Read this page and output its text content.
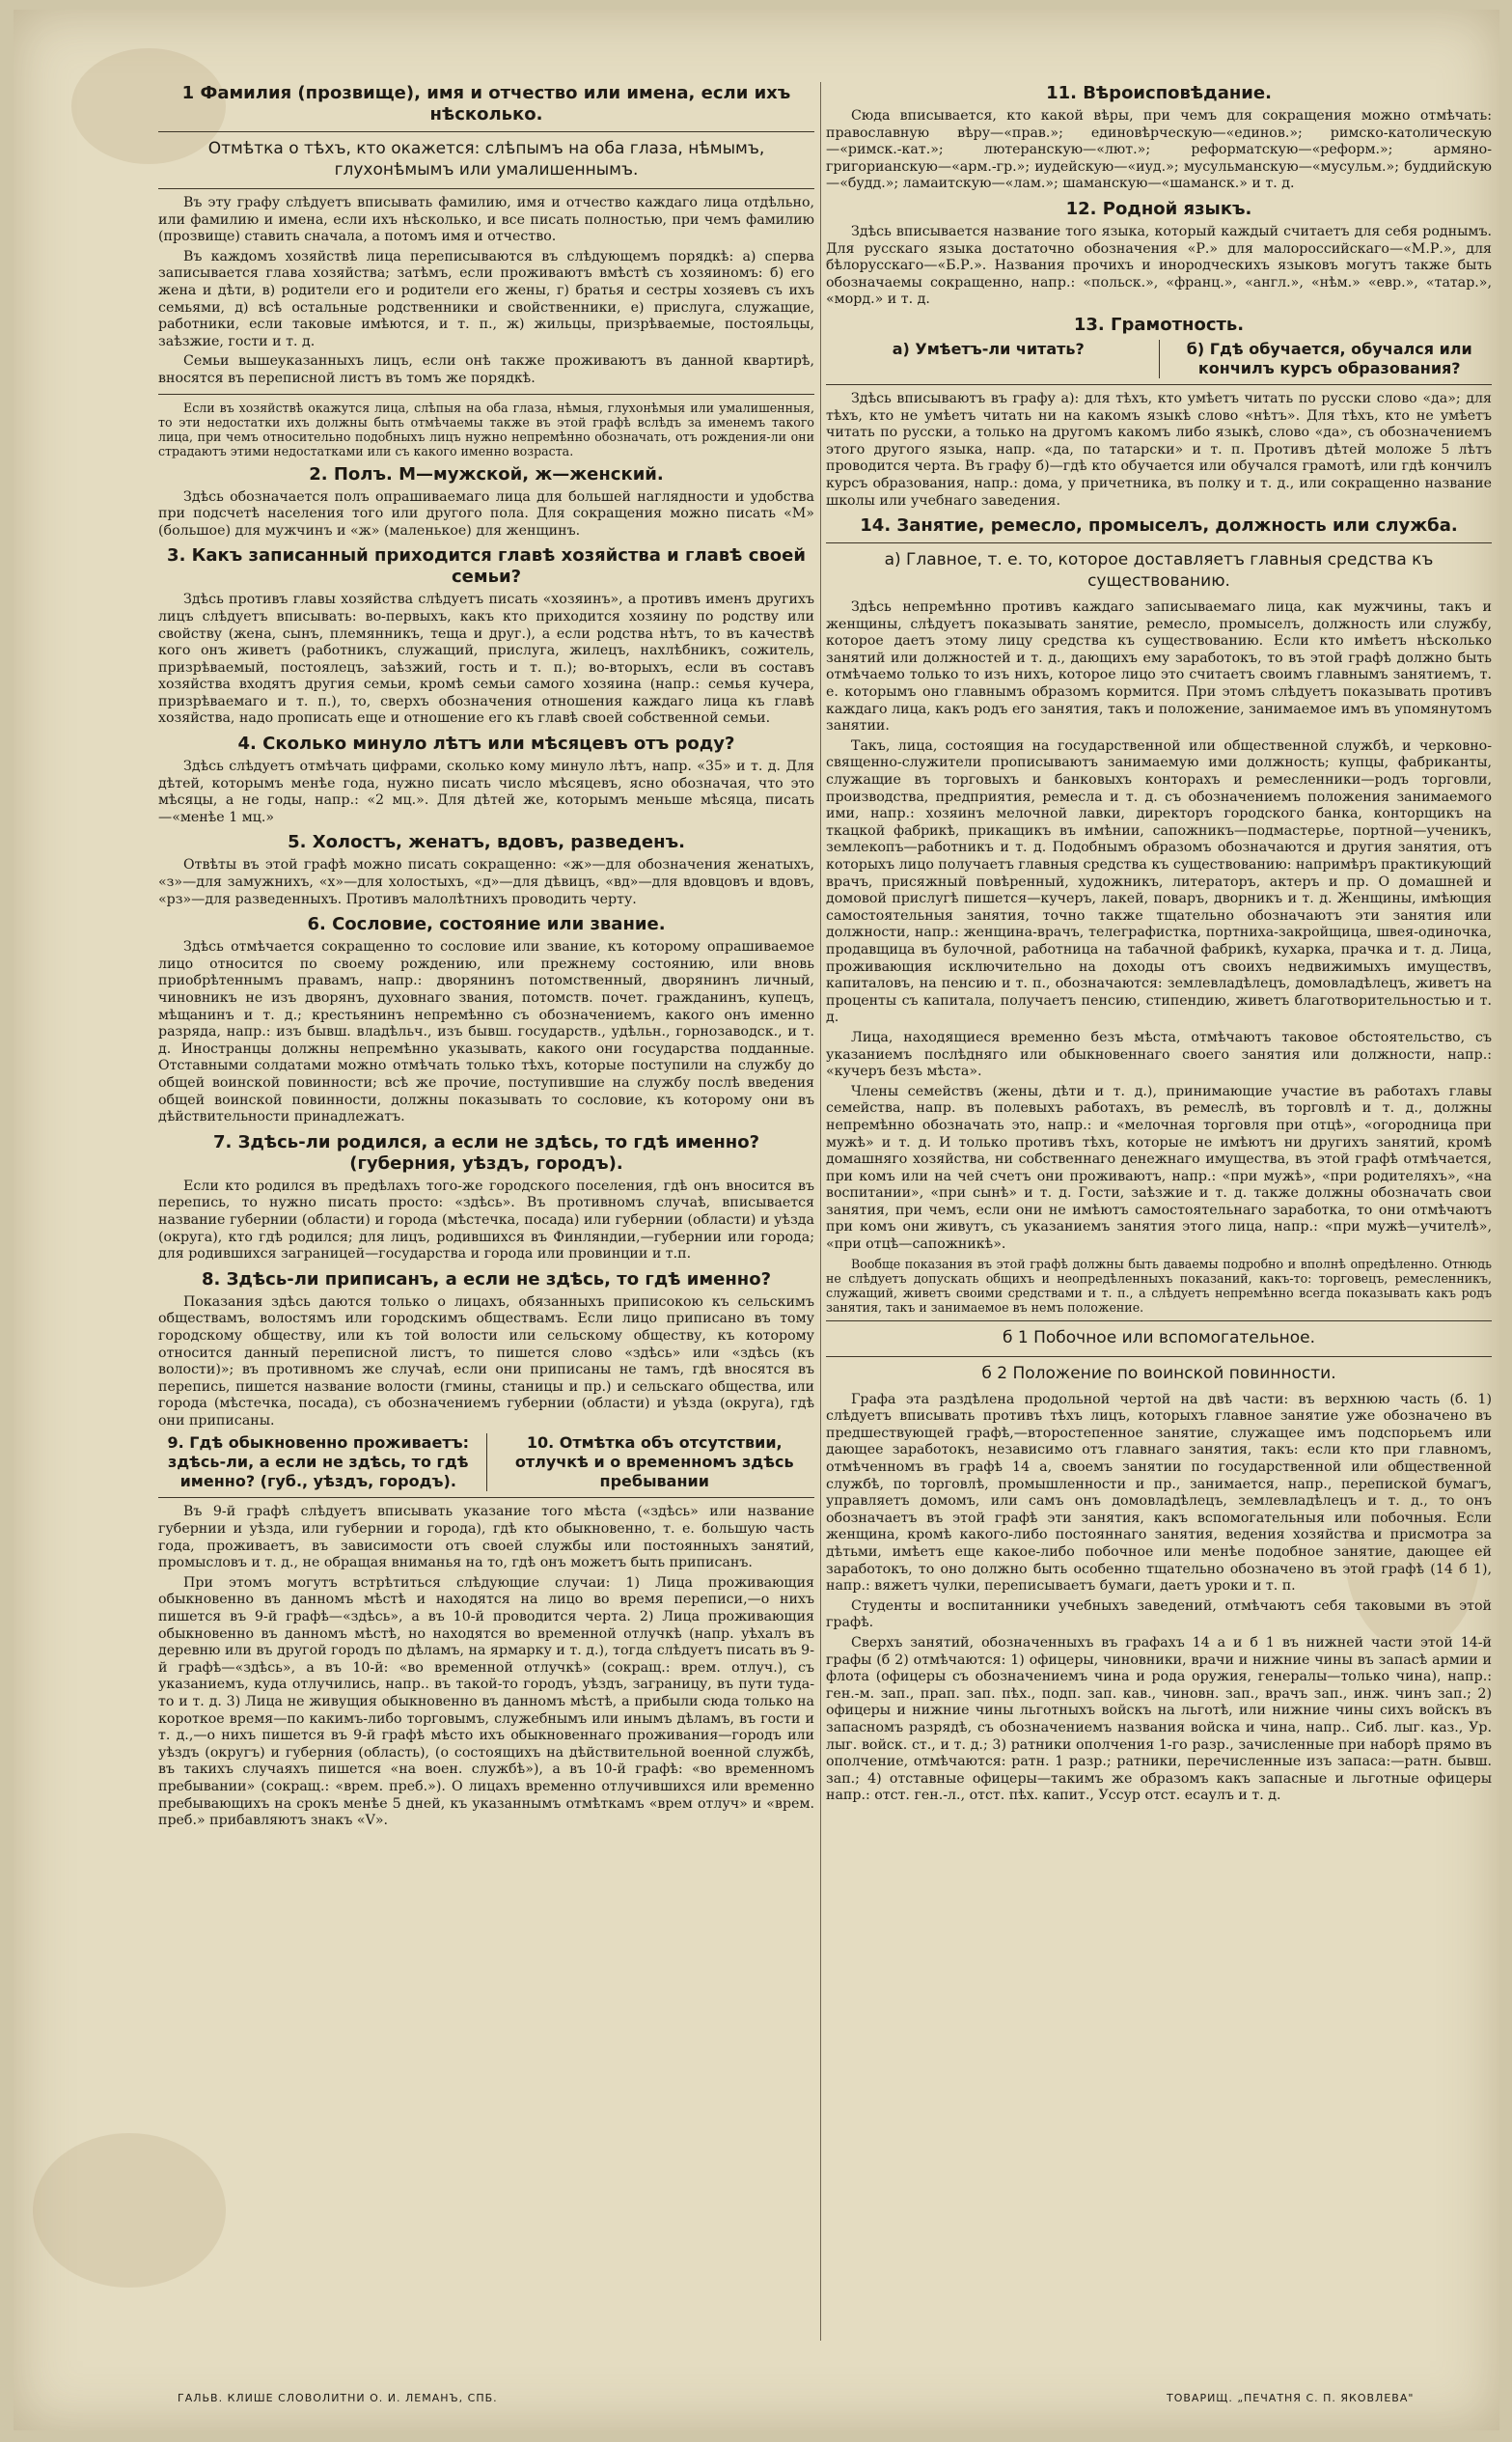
1 Фамилия (прозвище), имя и отчество или имена, если ихъ нѣсколько.
Отмѣтка о тѣхъ, кто окажется: слѣпымъ на оба глаза, нѣмымъ, глухонѣмымъ или умалишеннымъ.

Въ эту графу слѣдуетъ вписывать фамилию, имя и отчество каждаго лица отдѣльно, или фамилию и имена, если ихъ нѣсколько, и все писать полностью, при чемъ фамилию (прозвище) ставить сначала, а потомъ имя и отчество.

Въ каждомъ хозяйствѣ лица переписываются въ слѣдующемъ порядкѣ: а) сперва записывается глава хозяйства; затѣмъ, если проживаютъ вмѣстѣ съ хозяиномъ: б) его жена и дѣти, в) родители его и родители его жены, г) братья и сестры хозяевъ съ ихъ семьями, д) всѣ остальные родственники и свойственники, е) прислуга, служащие, работники, если таковые имѣются, и т. п., ж) жильцы, призрѣваемые, постояльцы, заѣзжие, гости и т. д.

Семьи вышеуказанныхъ лицъ, если онѣ также проживаютъ въ данной квартирѣ, вносятся въ переписной листъ въ томъ же порядкѣ.

Если въ хозяйствѣ окажутся лица, слѣпыя на оба глаза, нѣмыя, глухонѣмыя или умалишенныя, то эти недостатки ихъ должны быть отмѣчаемы также въ этой графѣ вслѣдъ за именемъ такого лица, при чемъ относительно подобныхъ лицъ нужно непремѣнно обозначать, отъ рождения-ли они страдаютъ этими недостатками или съ какого именно возраста.

2. Полъ. М—мужской, ж—женский.

Здѣсь обозначается полъ опрашиваемаго лица для большей наглядности и удобства при подсчетѣ населения того или другого пола. Для сокращения можно писать «М» (большое) для мужчинъ и «ж» (маленькое) для женщинъ.

3. Какъ записанный приходится главѣ хозяйства и главѣ своей семьи?

Здѣсь противъ главы хозяйства слѣдуетъ писать «хозяинъ», а противъ именъ другихъ лицъ слѣдуетъ вписывать: во-первыхъ, какъ кто приходится хозяину по родству или свойству (жена, сынъ, племянникъ, теща и друг.), а если родства нѣтъ, то въ качествѣ кого онъ живетъ (работникъ, служащий, прислуга, жилецъ, нахлѣбникъ, сожитель, призрѣваемый, постоялецъ, заѣзжий, гость и т. п.); во-вторыхъ, если въ составъ хозяйства входятъ другия семьи, кромѣ семьи самого хозяина (напр.: семья кучера, призрѣваемаго и т. п.), то, сверхъ обозначения отношения каждаго лица къ главѣ хозяйства, надо прописать еще и отношение его къ главѣ своей собственной семьи.

4. Сколько минуло лѣтъ или мѣсяцевъ отъ роду?

Здѣсь слѣдуетъ отмѣчать цифрами, сколько кому минуло лѣтъ, напр. «35» и т. д. Для дѣтей, которымъ менѣе года, нужно писать число мѣсяцевъ, ясно обозначая, что это мѣсяцы, а не годы, напр.: «2 мц.». Для дѣтей же, которымъ меньше мѣсяца, писать—«менѣе 1 мц.»

5. Холостъ, женатъ, вдовъ, разведенъ.

Отвѣты въ этой графѣ можно писать сокращенно: «ж»—для обозначения женатыхъ, «з»—для замужнихъ, «х»—для холостыхъ, «д»—для дѣвицъ, «вд»—для вдовцовъ и вдовъ, «рз»—для разведенныхъ. Противъ малолѣтнихъ проводить черту.

6. Сословие, состояние или звание.

Здѣсь отмѣчается сокращенно то сословие или звание, къ которому опрашиваемое лицо относится по своему рождению, или прежнему состоянию, или вновь приобрѣтеннымъ правамъ, напр.: дворянинъ потомственный, дворянинъ личный, чиновникъ не изъ дворянъ, духовнаго звания, потомств. почет. гражданинъ, купецъ, мѣщанинъ и т. д.; крестьянинъ непремѣнно съ обозначениемъ, какого онъ именно разряда, напр.: изъ бывш. владѣльч., изъ бывш. государств., удѣльн., горнозаводск., и т. д. Иностранцы должны непремѣнно указывать, какого они государства подданные. Отставными солдатами можно отмѣчать только тѣхъ, которые поступили на службу до общей воинской повинности; всѣ же прочие, поступившие на службу послѣ введения общей воинской повинности, должны показывать то сословие, къ которому они въ дѣйствительности принадлежатъ.

7. Здѣсь-ли родился, а если не здѣсь, то гдѣ именно? (губерния, уѣздъ, городъ).

Если кто родился въ предѣлахъ того-же городского поселения, гдѣ онъ вносится въ перепись, то нужно писать просто: «здѣсь». Въ противномъ случаѣ, вписывается название губернии (области) и города (мѣстечка, посада) или губернии (области) и уѣзда (округа), кто гдѣ родился; для лицъ, родившихся въ Финляндии,—губернии или города; для родившихся заграницей—государства и города или провинции и т.п.

8. Здѣсь-ли приписанъ, а если не здѣсь, то гдѣ именно?

Показания здѣсь даются только о лицахъ, обязанныхъ приписокою къ сельскимъ обществамъ, волостямъ или городскимъ обществамъ. Если лицо приписано въ тому городскому обществу, или къ той волости или сельскому обществу, къ которому относится данный переписной листъ, то пишется слово «здѣсь» или «здѣсь (къ волости)»; въ противномъ же случаѣ, если они приписаны не тамъ, гдѣ вносятся въ перепись, пишется название волости (гмины, станицы и пр.) и сельскаго общества, или города (мѣстечка, посада), съ обозначениемъ губернии (области) и уѣзда (округа), гдѣ они приписаны.

9. Гдѣ обыкновенно проживаетъ: здѣсь-ли, а если не здѣсь, то гдѣ именно? (губ., уѣздъ, городъ).
10. Отмѣтка объ отсутствии, отлучкѣ и о временномъ здѣсь пребывании

Въ 9-й графѣ слѣдуетъ вписывать указание того мѣста («здѣсь» или название губернии и уѣзда, или губернии и города), гдѣ кто обыкновенно, т. е. большую часть года, проживаетъ, въ зависимости отъ своей службы или постоянныхъ занятий, промысловъ и т. д., не обращая вниманья на то, гдѣ онъ можетъ быть приписанъ.

При этомъ могутъ встрѣтиться слѣдующие случаи: 1) Лица проживающия обыкновенно въ данномъ мѣстѣ и находятся на лицо во время переписи,—о нихъ пишется въ 9-й графѣ—«здѣсь», а въ 10-й проводится черта. 2) Лица проживающия обыкновенно въ данномъ мѣстѣ, но находятся во временной отлучкѣ (напр. уѣхалъ въ деревню или въ другой городъ по дѣламъ, на ярмарку и т. д.), тогда слѣдуетъ писать въ 9-й графѣ—«здѣсь», а въ 10-й: «во временной отлучкѣ» (сокращ.: врем. отлуч.), съ указаниемъ, куда отлучились, напр.. въ такой-то городъ, уѣздъ, заграницу, въ пути туда-то и т. д. 3) Лица не живущия обыкновенно въ данномъ мѣстѣ, а прибыли сюда только на короткое время—по какимъ-либо торговымъ, служебнымъ или инымъ дѣламъ, въ гости и т. д.,—о нихъ пишется въ 9-й графѣ мѣсто ихъ обыкновеннаго проживания—городъ или уѣздъ (округъ) и губерния (область), (о состоящихъ на дѣйствительной военной службѣ, въ такихъ случаяхъ пишется «на воен. службѣ»), а въ 10-й графѣ: «во временномъ пребывании» (сокращ.: «врем. преб.»). О лицахъ временно отлучившихся или временно пребывающихъ на срокъ менѣе 5 дней, къ указаннымъ отмѣткамъ «врем отлуч» и «врем. преб.» прибавляютъ знакъ «V».

11. Вѣроисповѣдание.

Сюда вписывается, кто какой вѣры, при чемъ для сокращения можно отмѣчать: православную вѣру—«прав.»; единовѣрческую—«единов.»; римско-католическую—«римск.-кат.»; лютеранскую—«лют.»; реформатскую—«реформ.»; армяно-григорианскую—«арм.-гр.»; иудейскую—«иуд.»; мусульманскую—«мусульм.»; буддийскую—«будд.»; ламаитскую—«лам.»; шаманскую—«шаманск.» и т. д.

12. Родной языкъ.

Здѣсь вписывается название того языка, который каждый считаетъ для себя роднымъ. Для русскаго языка достаточно обозначения «Р.» для малороссийскаго—«М.Р.», для бѣлорусскаго—«Б.Р.». Названия прочихъ и инородческихъ языковъ могутъ также быть обозначаемы сокращенно, напр.: «польск.», «франц.», «англ.», «нѣм.» «евр.», «татар.», «морд.» и т. д.

13. Грамотность.
а) Умѣетъ-ли читать?	б) Гдѣ обучается, обучался или кончилъ курсъ образования?

Здѣсь вписываютъ въ графу а): для тѣхъ, кто умѣетъ читать по русски слово «да»; для тѣхъ, кто не умѣетъ читать ни на какомъ языкѣ слово «нѣтъ». Для тѣхъ, кто не умѣетъ читать по русски, а только на другомъ какомъ либо языкѣ, слово «да», съ обозначениемъ этого другого языка, напр. «да, по татарски» и т. п. Противъ дѣтей моложе 5 лѣтъ проводится черта. Въ графу б)—гдѣ кто обучается или обучался грамотѣ, или гдѣ кончилъ курсъ образования, напр.: дома, у причетника, въ полку и т. д., или сокращенно название школы или учебнаго заведения.

14. Занятие, ремесло, промыселъ, должность или служба.
а) Главное, т. е. то, которое доставляетъ главныя средства къ существованию.

Здѣсь непремѣнно противъ каждаго записываемаго лица, как мужчины, такъ и женщины, слѣдуетъ показывать занятие, ремесло, промыселъ, должность или службу, которое даетъ этому лицу средства къ существованию. Если кто имѣетъ нѣсколько занятий или должностей и т. д., дающихъ ему заработокъ, то въ этой графѣ должно быть отмѣчаемо только то изъ нихъ, которое лицо это считаетъ своимъ главнымъ занятиемъ, т. е. которымъ оно главнымъ образомъ кормится. При этомъ слѣдуетъ показывать противъ каждаго лица, какъ родъ его занятия, такъ и положение, занимаемое имъ въ упомянутомъ занятии.

Такъ, лица, состоящия на государственной или общественной службѣ, и черковно-священно-служители прописываютъ занимаемую ими должность; купцы, фабриканты, служащие въ торговыхъ и банковыхъ конторахъ и ремесленники—родъ торговли, производства, предприятия, ремесла и т. д. съ обозначениемъ положения занимаемого ими, напр.: хозяинъ мелочной лавки, директоръ городского банка, конторщикъ на ткацкой фабрикѣ, прикащикъ въ имѣнии, сапожникъ—подмастерье, портной—ученикъ, землекопъ—работникъ и т. д. Подобнымъ образомъ обозначаются и другия занятия, отъ которыхъ лицо получаетъ главныя средства къ существованию: напримѣръ практикующий врачъ, присяжный повѣренный, художникъ, литераторъ, актеръ и пр. О домашней и домовой прислугѣ пишется—кучеръ, лакей, поваръ, дворникъ и т. д. Женщины, имѣющия самостоятельныя занятия, точно также тщательно обозначаютъ эти занятия или должности, напр.: женщина-врачъ, телеграфистка, портниха-закройщица, швея-одиночка, продавщица въ булочной, работница на табачной фабрикѣ, кухарка, прачка и т. д. Лица, проживающия исключительно на доходы отъ своихъ недвижимыхъ имуществъ, капиталовъ, на пенсию и т. п., обозначаются: землевладѣлецъ, домовладѣлецъ, живетъ на проценты съ капитала, получаетъ пенсию, стипендию, живетъ благотворительностью и т. д.

Лица, находящиеся временно безъ мѣста, отмѣчаютъ таковое обстоятельство, съ указаниемъ послѣдняго или обыкновеннаго своего занятия или должности, напр.: «кучеръ безъ мѣста».

Члены семействъ (жены, дѣти и т. д.), принимающие участие въ работахъ главы семейства, напр. въ полевыхъ работахъ, въ ремеслѣ, въ торговлѣ и т. д., должны непремѣнно обозначать это, напр.: и «мелочная торговля при отцѣ», «огородница при мужѣ» и т. д. И только противъ тѣхъ, которые не имѣютъ ни другихъ занятий, кромѣ домашняго хозяйства, ни собственнаго денежнаго имущества, въ этой графѣ отмѣчается, при комъ или на чей счетъ они проживаютъ, напр.: «при мужѣ», «при родителяхъ», «на воспитании», «при сынѣ» и т. д. Гости, заѣзжие и т. д. также должны обозначать свои занятия, при чемъ, если они не имѣютъ самостоятельнаго заработка, то они отмѣчаютъ при комъ они живутъ, съ указаниемъ занятия этого лица, напр.: «при мужѣ—учителѣ», «при отцѣ—сапожникѣ».

Вообще показания въ этой графѣ должны быть даваемы подробно и вполнѣ опредѣленно. Отнюдь не слѣдуетъ допускать общихъ и неопредѣленныхъ показаний, какъ-то: торговецъ, ремесленникъ, служащий, живетъ своими средствами и т. п., а слѣдуетъ непремѣнно всегда показывать какъ родъ занятия, такъ и занимаемое въ немъ положение.

б 1 Побочное или вспомогательное.
б 2 Положение по воинской повинности.

Графа эта раздѣлена продольной чертой на двѣ части: въ верхнюю часть (б. 1) слѣдуетъ вписывать противъ тѣхъ лицъ, которыхъ главное занятие уже обозначено въ предшествующей графѣ,—второстепенное занятие, служащее имъ подспорьемъ или дающее заработокъ, независимо отъ главнаго занятия, такъ: если кто при главномъ, отмѣченномъ въ графѣ 14 а, своемъ занятии по государственной или общественной службѣ, по торговлѣ, промышленности и пр., занимается, напр., перепиской бумагъ, управляетъ домомъ, или самъ онъ домовладѣлецъ, землевладѣлецъ и т. д., то онъ обозначаетъ въ этой графѣ эти занятия, какъ вспомогательныя или побочныя. Если женщина, кромѣ какого-либо постояннаго занятия, ведения хозяйства и присмотра за дѣтьми, имѣетъ еще какое-либо побочное или менѣе подобное занятие, дающее ей заработокъ, то оно должно быть особенно тщательно обозначено въ этой графѣ (14 б 1), напр.: вяжетъ чулки, переписываетъ бумаги, даетъ уроки и т. п.

Студенты и воспитанники учебныхъ заведений, отмѣчаютъ себя таковыми въ этой графѣ.

Сверхъ занятий, обозначенныхъ въ графахъ 14 а и б 1 въ нижней части этой 14-й графы (б 2) отмѣчаются: 1) офицеры, чиновники, врачи и нижние чины въ запасѣ армии и флота (офицеры съ обозначениемъ чина и рода оружия, генералы—только чина), напр.: ген.-м. зап., прап. зап. пѣх., подп. зап. кав., чиновн. зап., врачъ зап., инж. чинъ зап.; 2) офицеры и нижние чины льготныхъ войскъ на льготѣ, или нижние чины сихъ войскъ въ запасномъ разрядѣ, съ обозначениемъ названия войска и чина, напр.. Сиб. лыг. каз., Ур. лыг. войск. ст., и т. д.; 3) ратники ополчения 1-го разр., зачисленные при наборѣ прямо въ ополчение, отмѣчаются: ратн. 1 разр.; ратники, перечисленные изъ запаса:—ратн. бывш. зап.; 4) отставные офицеры—такимъ же образомъ какъ запасные и льготные офицеры напр.: отст. ген.-л., отст. пѣх. капит., Уссур отст. есаулъ и т. д.

ГАЛЬВ. КЛИШЕ СЛОВОЛИТНИ О. И. ЛЕМАНЪ, СПБ.	ТОВАРИЩ. „ПЕЧАТНЯ С. П. ЯКОВЛЕВА"
